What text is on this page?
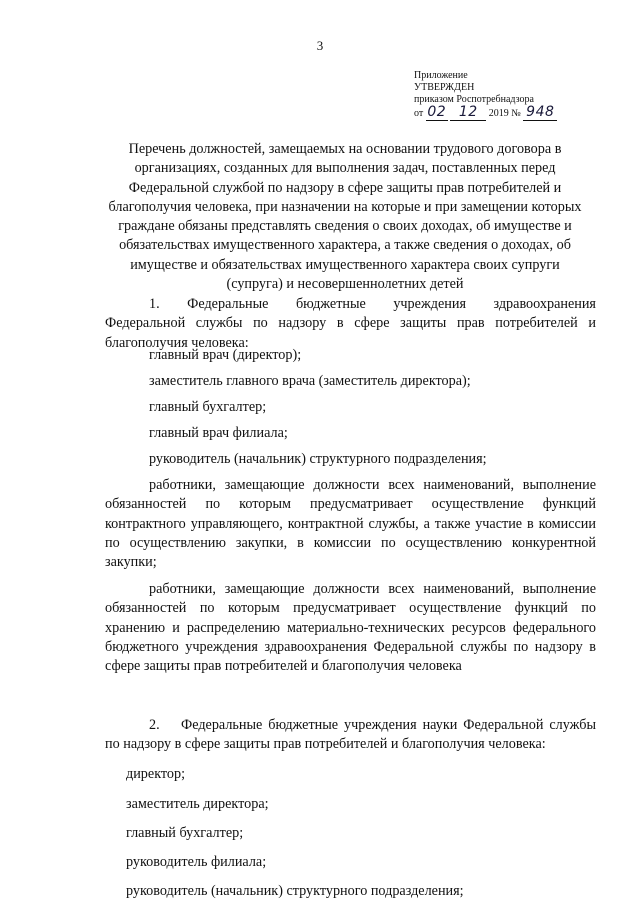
3
Приложение
УТВЕРЖДЕН
приказом Роспотребнадзора
от 02 12 2019 № 948
Перечень должностей, замещаемых на основании трудового договора в организациях, созданных для выполнения задач, поставленных перед Федеральной службой по надзору в сфере защиты прав потребителей и благополучия человека, при назначении на которые и при замещении которых граждане обязаны представлять сведения о своих доходах, об имуществе и обязательствах имущественного характера, а также сведения о доходах, об имуществе и обязательствах имущественного характера своих супруги (супруга) и несовершеннолетних детей
1. Федеральные бюджетные учреждения здравоохранения
Федеральной службы по надзору в сфере защиты прав потребителей и благополучия человека:
главный врач (директор);
заместитель главного врача (заместитель директора);
главный бухгалтер;
главный врач филиала;
руководитель (начальник) структурного подразделения;
работники, замещающие должности всех наименований, выполнение обязанностей по которым предусматривает осуществление функций контрактного управляющего, контрактной службы, а также участие в комиссии по осуществлению закупки, в комиссии по осуществлению конкурентной закупки;
работники, замещающие должности всех наименований, выполнение обязанностей по которым предусматривает осуществление функций по хранению и распределению материально-технических ресурсов федерального бюджетного учреждения здравоохранения Федеральной службы по надзору в сфере защиты прав потребителей и благополучия человека
2. Федеральные бюджетные учреждения науки Федеральной службы по надзору в сфере защиты прав потребителей и благополучия человека:
директор;
заместитель директора;
главный бухгалтер;
руководитель филиала;
руководитель (начальник) структурного подразделения;
